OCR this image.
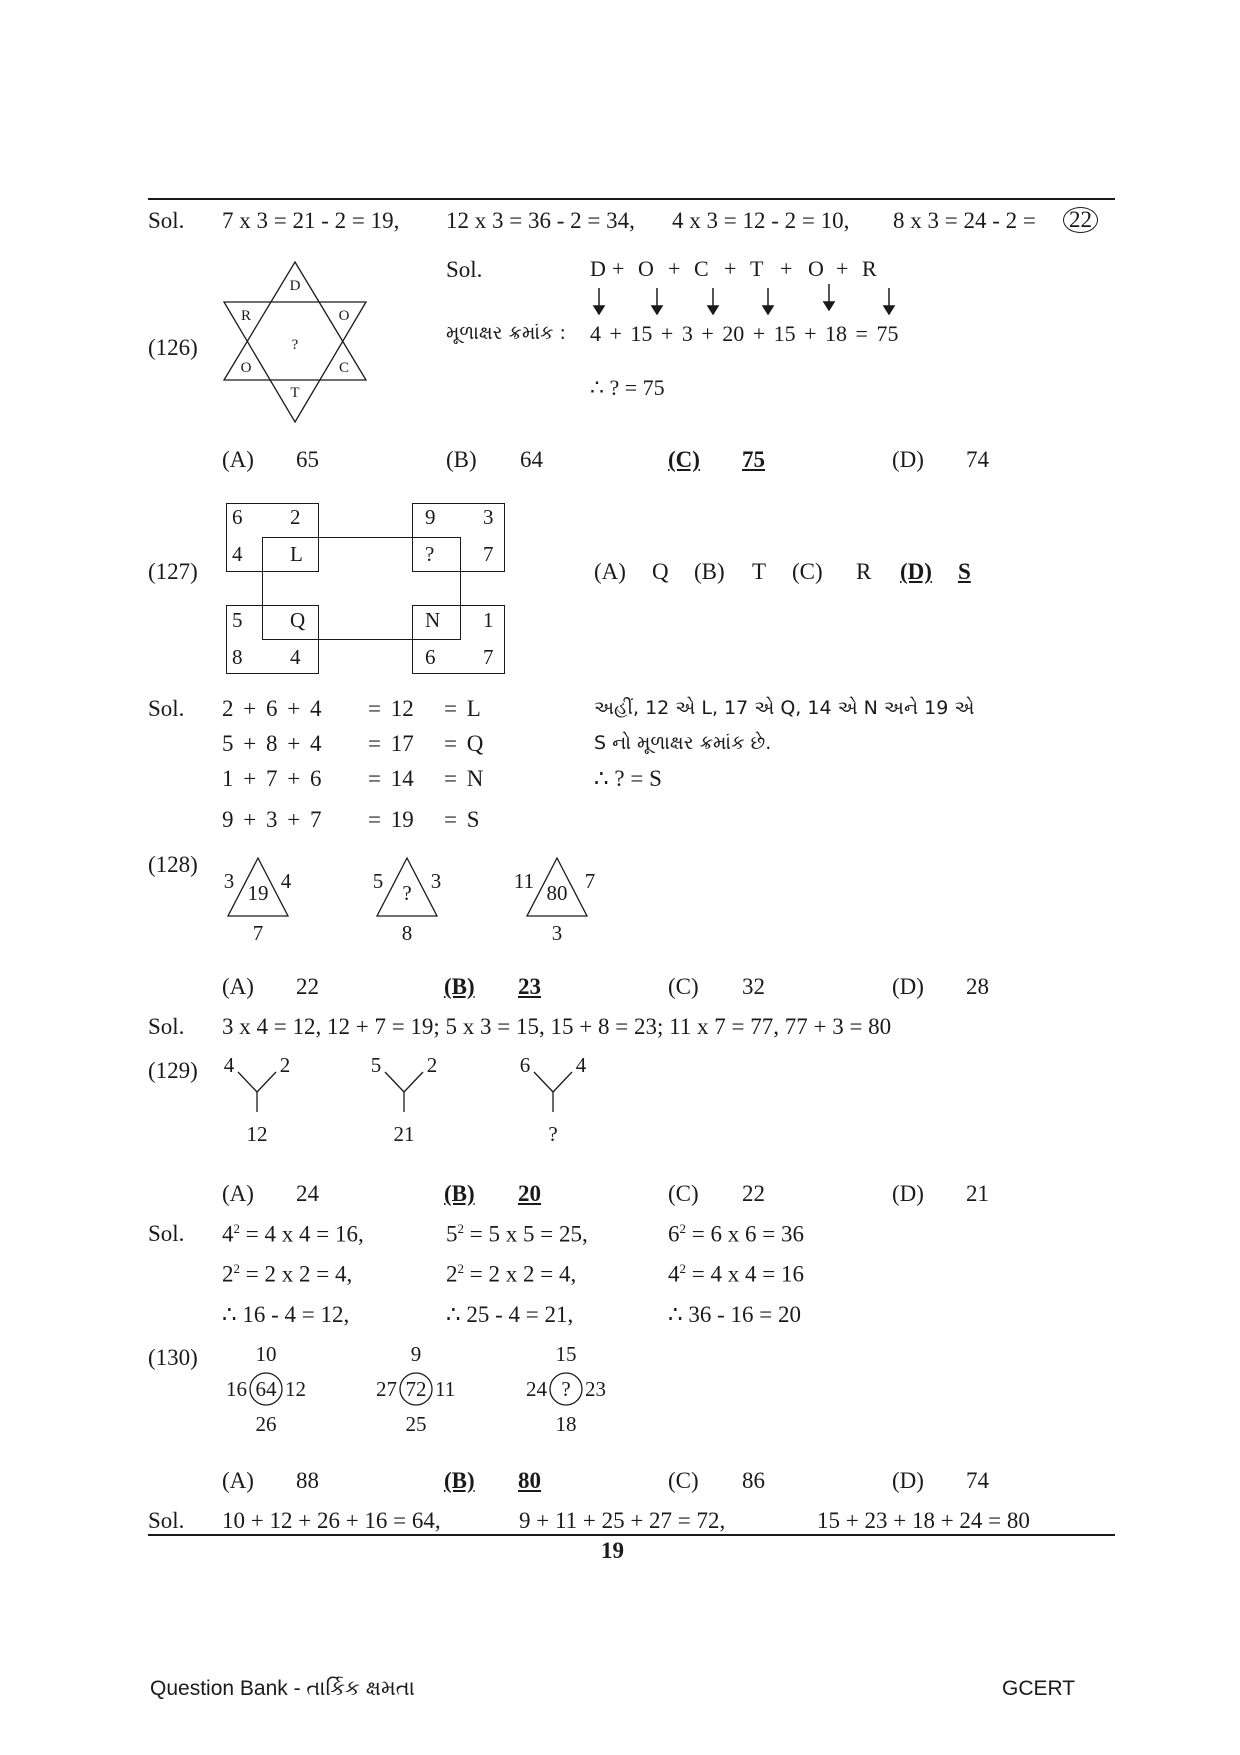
Sol. 7 x 3 = 21 - 2 = 19, 12 x 3 = 36 - 2 = 34, 4 x 3 = 12 - 2 = 10, 8 x 3 = 24 - 2 = 22
(126)
D
R	O
?
O	C
T
Sol.	D + O + C + T + O + R
મૂળાક્ષર ક્રમાંક : 4 + 15 + 3 + 20 + 15 + 18 = 75
∴ ? = 75
(A) 65	(B) 64	(C) 75	(D) 74
(127)
6 2
4 L
9 3
? 7
5 Q
8 4
N 1
6 7
(A) Q (B) T (C) R (D) S
Sol. 2 + 6 + 4 = 12 = L
5 + 8 + 4 = 17 = Q
1 + 7 + 6 = 14 = N
9 + 3 + 7 = 19 = S
અહીં, 12 એ L, 17 એ Q, 14 એ N અને 19 એ
S નો મૂળાક્ષર ક્રમાંક છે.
∴ ? = S
(128)
3 19 4
7
5 ? 3
8
11 80 7
3
(A) 22	(B) 23	(C) 32	(D) 28
Sol. 3 x 4 = 12, 12 + 7 = 19; 5 x 3 = 15, 15 + 8 = 23; 11 x 7 = 77, 77 + 3 = 80
(129) 4 2
12
5 2
21
6 4
?
(A) 24	(B) 20	(C) 22	(D) 21
Sol. $4^2 = 4$ x 4 = 16,	$5^2 = 5$ x 5 = 25,	$6^2 = 6$ x 6 = 36
$2^2 = 2$ x 2 = 4,	$2^2 = 2$ x 2 = 4,	$4^2 = 4$ x 4 = 16
∴ 16 - 4 = 12,	∴ 25 - 4 = 21,	∴ 36 - 16 = 20
(130)	10
16 64 12
26
9
27 72 11
25
15
24 ? 23
18
(A) 88	(B) 80	(C) 86	(D) 74
Sol. 10 + 12 + 26 + 16 = 64,	9 + 11 + 25 + 27 = 72,	15 + 23 + 18 + 24 = 80
19
Question Bank - તાર્કિક ક્ષમતા	GCERT
